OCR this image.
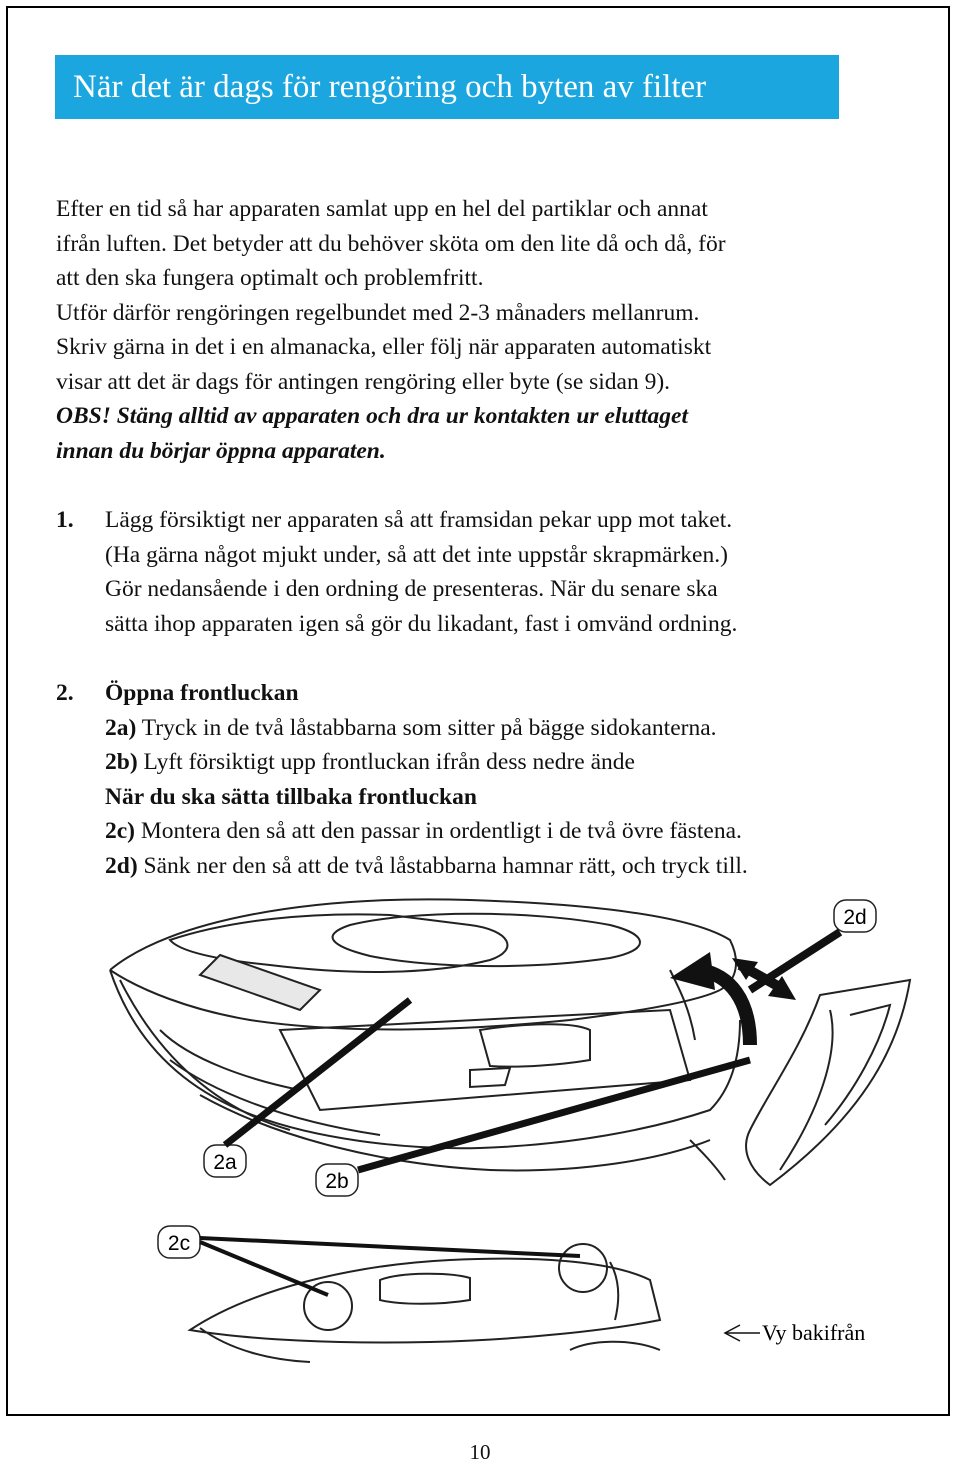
När det är dags för rengöring och byten av filter

Efter en tid så har apparaten samlat upp en hel del partiklar och annat

ifrån luften. Det betyder att du behöver sköta om den lite då och då, för

att den ska fungera optimalt och problemfritt.

Utför därför rengöringen regelbundet med 2-3 månaders mellanrum.

Skriv gärna in det i en almanacka, eller följ när apparaten automatiskt

visar att det är dags för antingen rengöring eller byte (se sidan 9).

OBS! Stäng alltid av apparaten och dra ur kontakten ur eluttaget

innan du börjar öppna apparaten.

1. Lägg försiktigt ner apparaten så att framsidan pekar upp mot taket.

(Ha gärna något mjukt under, så att det inte uppstår skrapmärken.)

Gör nedansående i den ordning de presenteras. När du senare ska

sätta ihop apparaten igen så gör du likadant, fast i omvänd ordning.

2. Öppna frontluckan

2a) Tryck in de två låstabbarna som sitter på bägge sidokanterna.

2b) Lyft försiktigt upp frontluckan ifrån dess nedre ände

När du ska sätta tillbaka frontluckan

2c) Montera den så att den passar in ordentligt i de två övre fästena.

2d) Sänk ner den så att de två låstabbarna hamnar rätt, och tryck till.

2d
2a
2b
2c
Vy bakifrån
10
